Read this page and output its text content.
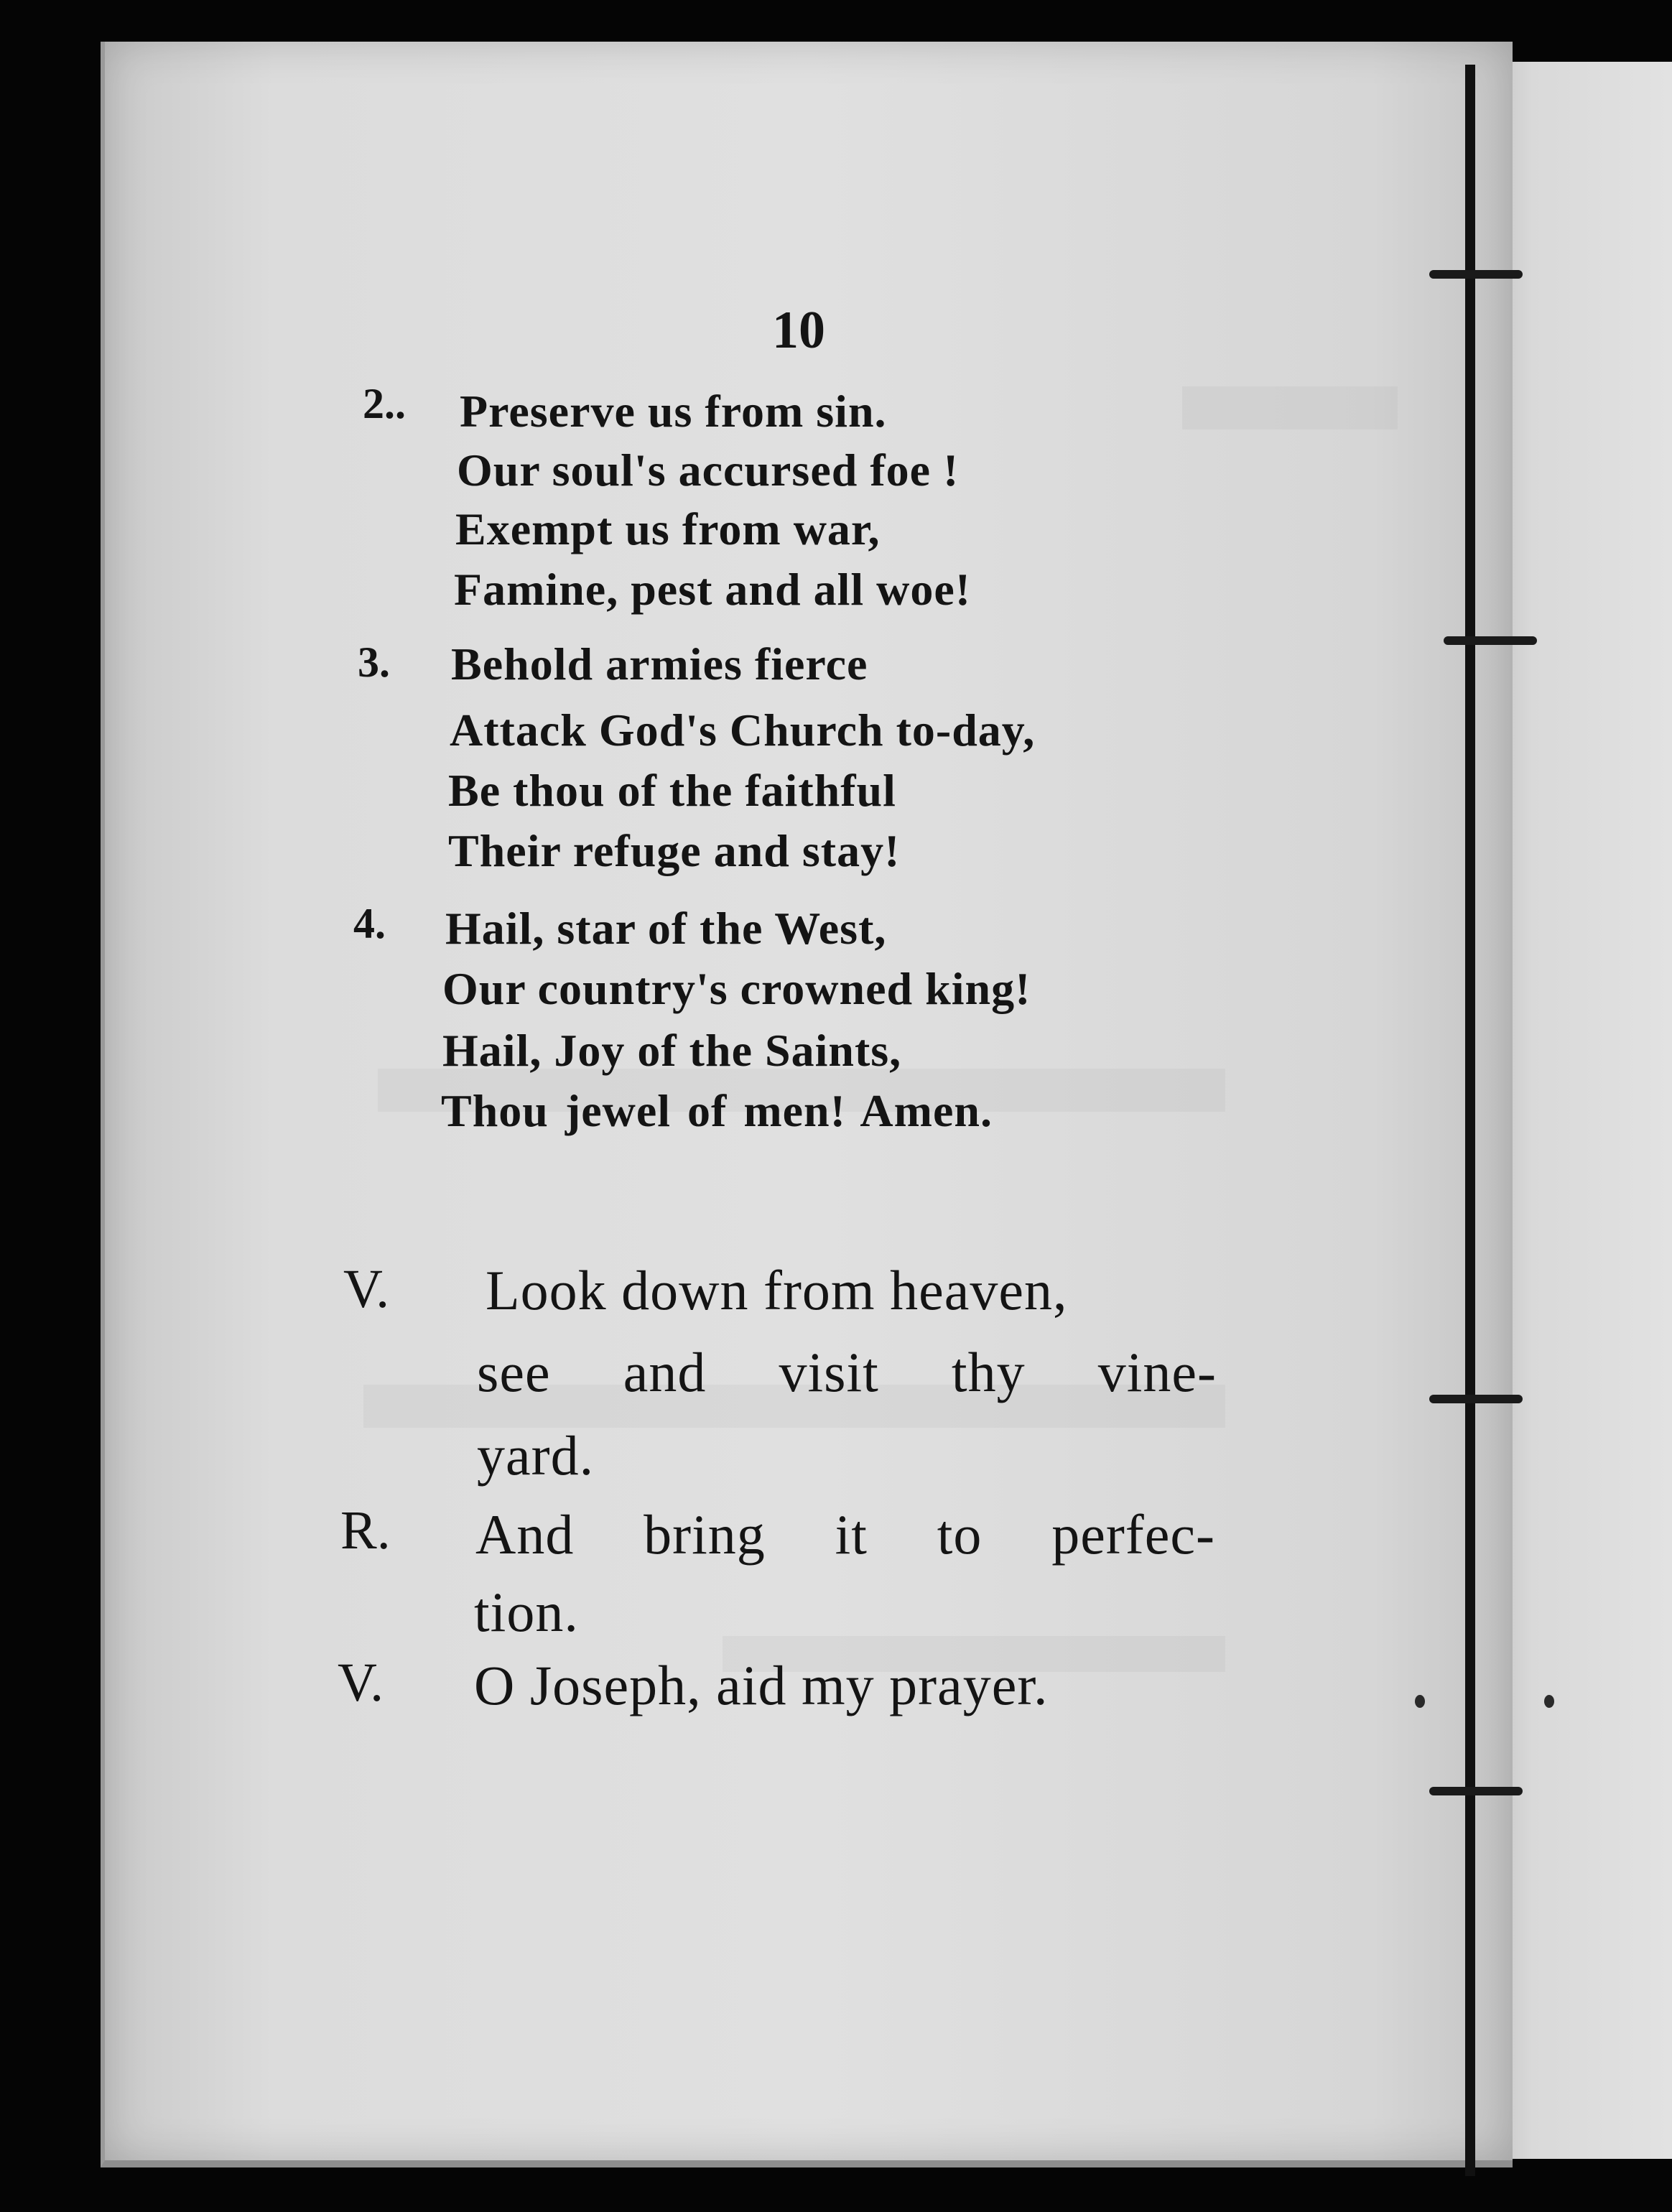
10
2.. Preserve us from sin.
Our soul's accursed foe !
Exempt us from war,
Famine, pest and all woe!
3. Behold armies fierce
Attack God's Church to-day,
Be thou of the faithful
Their refuge and stay!
4. Hail, star of the West,
Our country's crowned king!
Hail, Joy of the Saints,
Thou jewel of men! Amen.
V. Look down from heaven,
see and visit thy vine-
yard.
R. And bring it to perfec-
tion.
V. O Joseph, aid my prayer.
